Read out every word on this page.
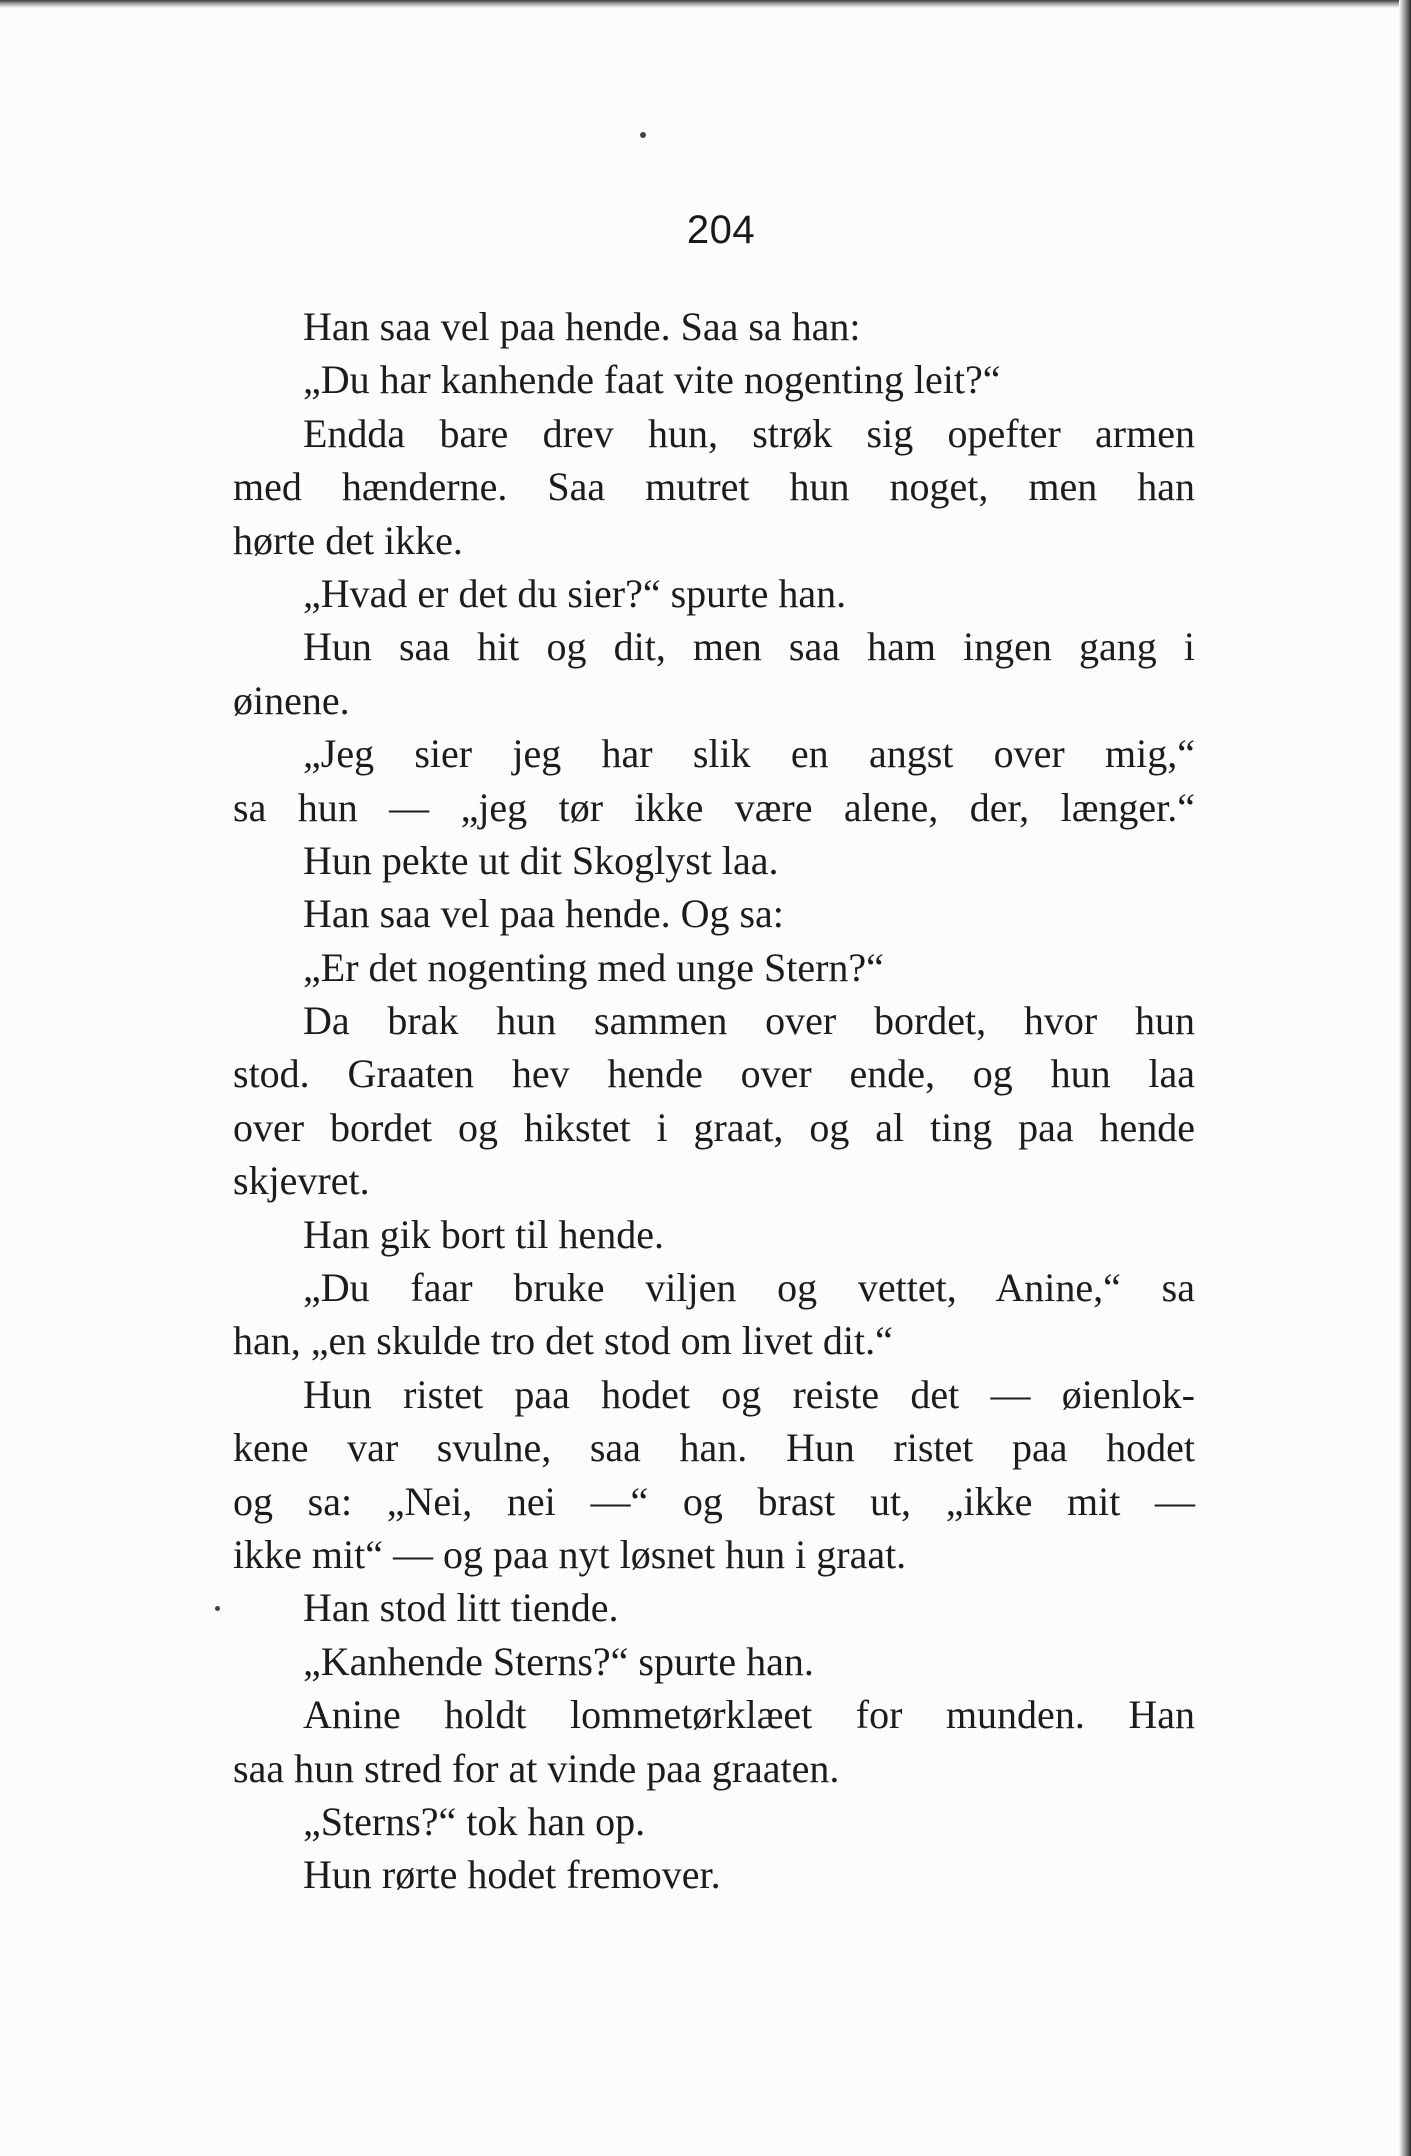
204
Han saa vel paa hende. Saa sa han:
„Du har kanhende faat vite nogenting leit?“
Endda bare drev hun, strøk sig opefter armen
med hænderne. Saa mutret hun noget, men han
hørte det ikke.
„Hvad er det du sier?“ spurte han.
Hun saa hit og dit, men saa ham ingen gang i
øinene.
„Jeg sier jeg har slik en angst over mig,“
sa hun — „jeg tør ikke være alene, der, længer.“
Hun pekte ut dit Skoglyst laa.
Han saa vel paa hende. Og sa:
„Er det nogenting med unge Stern?“
Da brak hun sammen over bordet, hvor hun
stod. Graaten hev hende over ende, og hun laa
over bordet og hikstet i graat, og al ting paa hende
skjevret.
Han gik bort til hende.
„Du faar bruke viljen og vettet, Anine,“ sa
han, „en skulde tro det stod om livet dit.“
Hun ristet paa hodet og reiste det — øienlok-
kene var svulne, saa han. Hun ristet paa hodet
og sa: „Nei, nei —“ og brast ut, „ikke mit —
ikke mit“ — og paa nyt løsnet hun i graat.
Han stod litt tiende.
„Kanhende Sterns?“ spurte han.
Anine holdt lommetørklæet for munden. Han
saa hun stred for at vinde paa graaten.
„Sterns?“ tok han op.
Hun rørte hodet fremover.
